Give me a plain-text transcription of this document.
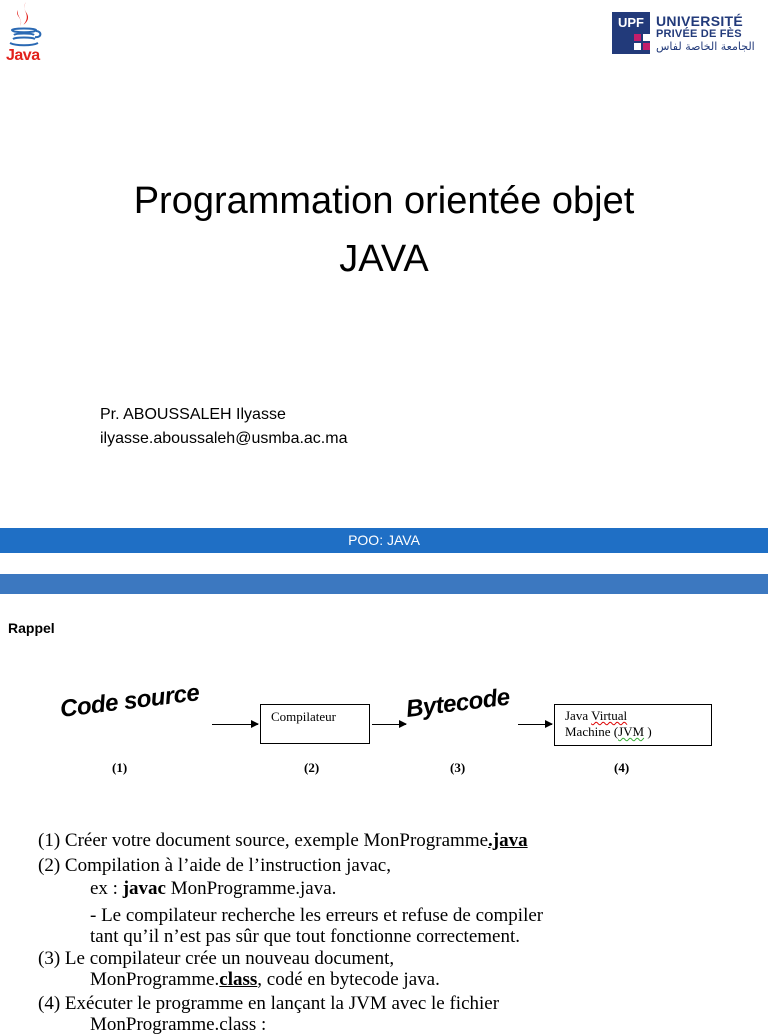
Java
UPF UNIVERSITÉ
PRIVÉE DE FÈS
الجامعة الخاصة لفاس
Programmation orientée objet
JAVA
Pr. ABOUSSALEH Ilyasse
ilyasse.aboussaleh@usmba.ac.ma
POO: JAVA
Rappel
Code source	Compilateur	Bytecode	Java Virtual
Machine (JVM )
(1)	(2)	(3)	(4)
(1) Créer votre document source, exemple MonProgramme.java
(2) Compilation à l’aide de l’instruction javac,
ex : javac MonProgramme.java.
- Le compilateur recherche les erreurs et refuse de compiler
tant qu’il n’est pas sûr que tout fonctionne correctement.
(3) Le compilateur crée un nouveau document,
MonProgramme.class, codé en bytecode java.
(4) Exécuter le programme en lançant la JVM avec le fichier
MonProgramme.class :
